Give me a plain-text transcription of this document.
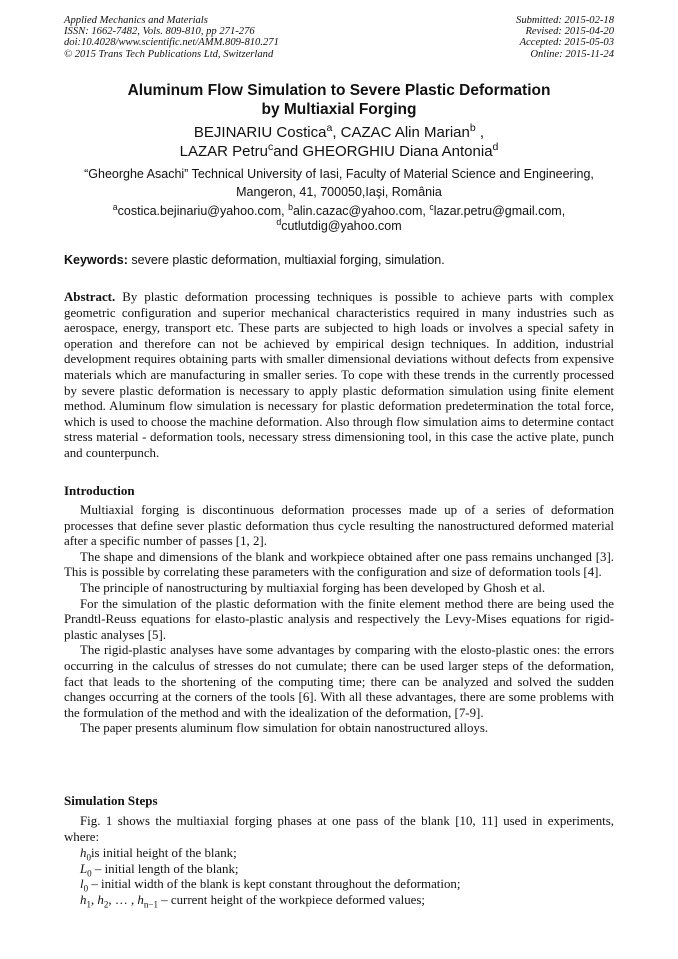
Applied Mechanics and Materials
ISSN: 1662-7482, Vols. 809-810, pp 271-276
doi:10.4028/www.scientific.net/AMM.809-810.271
© 2015 Trans Tech Publications Ltd, Switzerland
Submitted: 2015-02-18
Revised: 2015-04-20
Accepted: 2015-05-03
Online: 2015-11-24
Aluminum Flow Simulation to Severe Plastic Deformation
by Multiaxial Forging
BEJINARIU Costica$^a$, CAZAC Alin Marian$^b$ ,
LAZAR Petru$^c$and GHEORGHIU Diana Antonia$^d$
“Gheorghe Asachi” Technical University of Iasi, Faculty of Material Science and Engineering,
Mangeron, 41, 700050,Iaşi, România
$^a$costica.bejinariu@yahoo.com, $^b$alin.cazac@yahoo.com, $^c$lazar.petru@gmail.com,
$^d$cutlutdig@yahoo.com
Keywords: severe plastic deformation, multiaxial forging, simulation.
Abstract. By plastic deformation processing techniques is possible to achieve parts with complex geometric configuration and superior mechanical characteristics required in many industries such as aerospace, energy, transport etc. These parts are subjected to high loads or involves a special safety in operation and therefore can not be achieved by empirical design techniques. In addition, industrial development requires obtaining parts with smaller dimensional deviations without defects from expensive materials which are manufacturing in smaller series. To cope with these trends in the currently processed by severe plastic deformation is necessary to apply plastic deformation simulation using finite element method. Aluminum flow simulation is necessary for plastic deformation predetermination the total force, which is used to choose the machine deformation. Also through flow simulation aims to determine contact stress material - deformation tools, necessary stress dimensioning tool, in this case the active plate, punch and counterpunch.
Introduction

Multiaxial forging is discontinuous deformation processes made up of a series of deformation processes that define sever plastic deformation thus cycle resulting the nanostructured deformed material after a specific number of passes [1, 2].

The shape and dimensions of the blank and workpiece obtained after one pass remains unchanged [3]. This is possible by correlating these parameters with the configuration and size of deformation tools [4].

The principle of nanostructuring by multiaxial forging has been developed by Ghosh et al.

For the simulation of the plastic deformation with the finite element method there are being used the Prandtl-Reuss equations for elasto-plastic analysis and respectively the Levy-Mises equations for rigid-plastic analyses [5].

The rigid-plastic analyses have some advantages by comparing with the elosto-plastic ones: the errors occurring in the calculus of stresses do not cumulate; there can be used larger steps of the deformation, fact that leads to the shortening of the computing time; there can be analyzed and solved the sudden changes occurring at the corners of the tools [6]. With all these advantages, there are some problems with the formulation of the method and with the idealization of the deformation, [7-9].

The paper presents aluminum flow simulation for obtain nanostructured alloys.

Simulation Steps

Fig. 1 shows the multiaxial forging phases at one pass of the blank [10, 11] used in experiments, where:

$h_0is$ initial height of the blank;
$L_0$ – initial length of the blank;
$l_0$ – initial width of the blank is kept constant throughout the deformation;
$h_1$, $h_2$, … , $h_{n-1}$ – current height of the workpiece deformed values;
